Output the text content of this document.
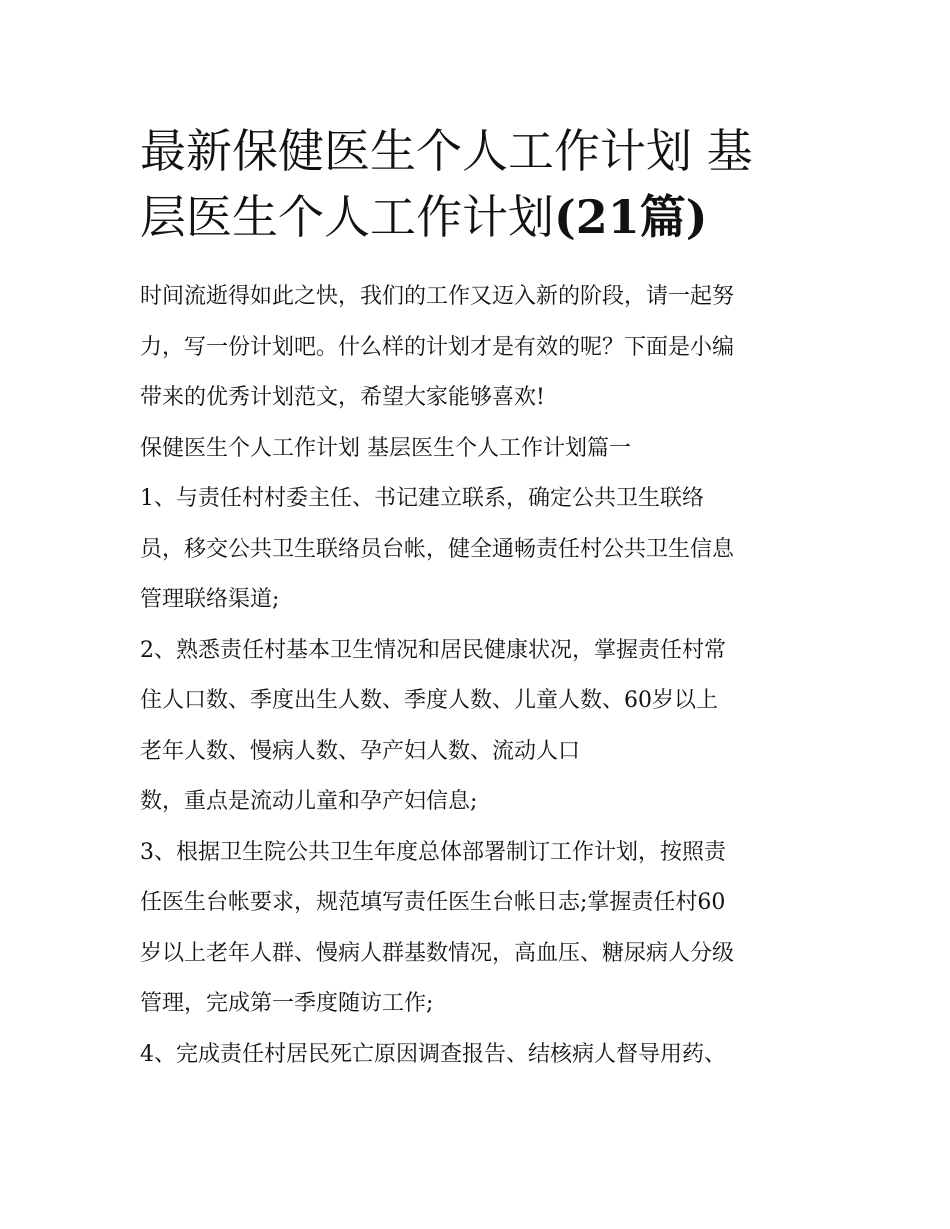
最新保健医生个人工作计划 基
层医生个人工作计划(21篇)
时间流逝得如此之快，我们的工作又迈入新的阶段，请一起努
力，写一份计划吧。什么样的计划才是有效的呢？下面是小编
带来的优秀计划范文，希望大家能够喜欢!
保健医生个人工作计划 基层医生个人工作计划篇一
1、与责任村村委主任、书记建立联系，确定公共卫生联络
员，移交公共卫生联络员台帐，健全通畅责任村公共卫生信息
管理联络渠道;
2、熟悉责任村基本卫生情况和居民健康状况，掌握责任村常
住人口数、季度出生人数、季度人数、儿童人数、60岁以上
老年人数、慢病人数、孕产妇人数、流动人口
数，重点是流动儿童和孕产妇信息;
3、根据卫生院公共卫生年度总体部署制订工作计划，按照责
任医生台帐要求，规范填写责任医生台帐日志;掌握责任村60
岁以上老年人群、慢病人群基数情况，高血压、糖尿病人分级
管理，完成第一季度随访工作;
4、完成责任村居民死亡原因调查报告、结核病人督导用药、
